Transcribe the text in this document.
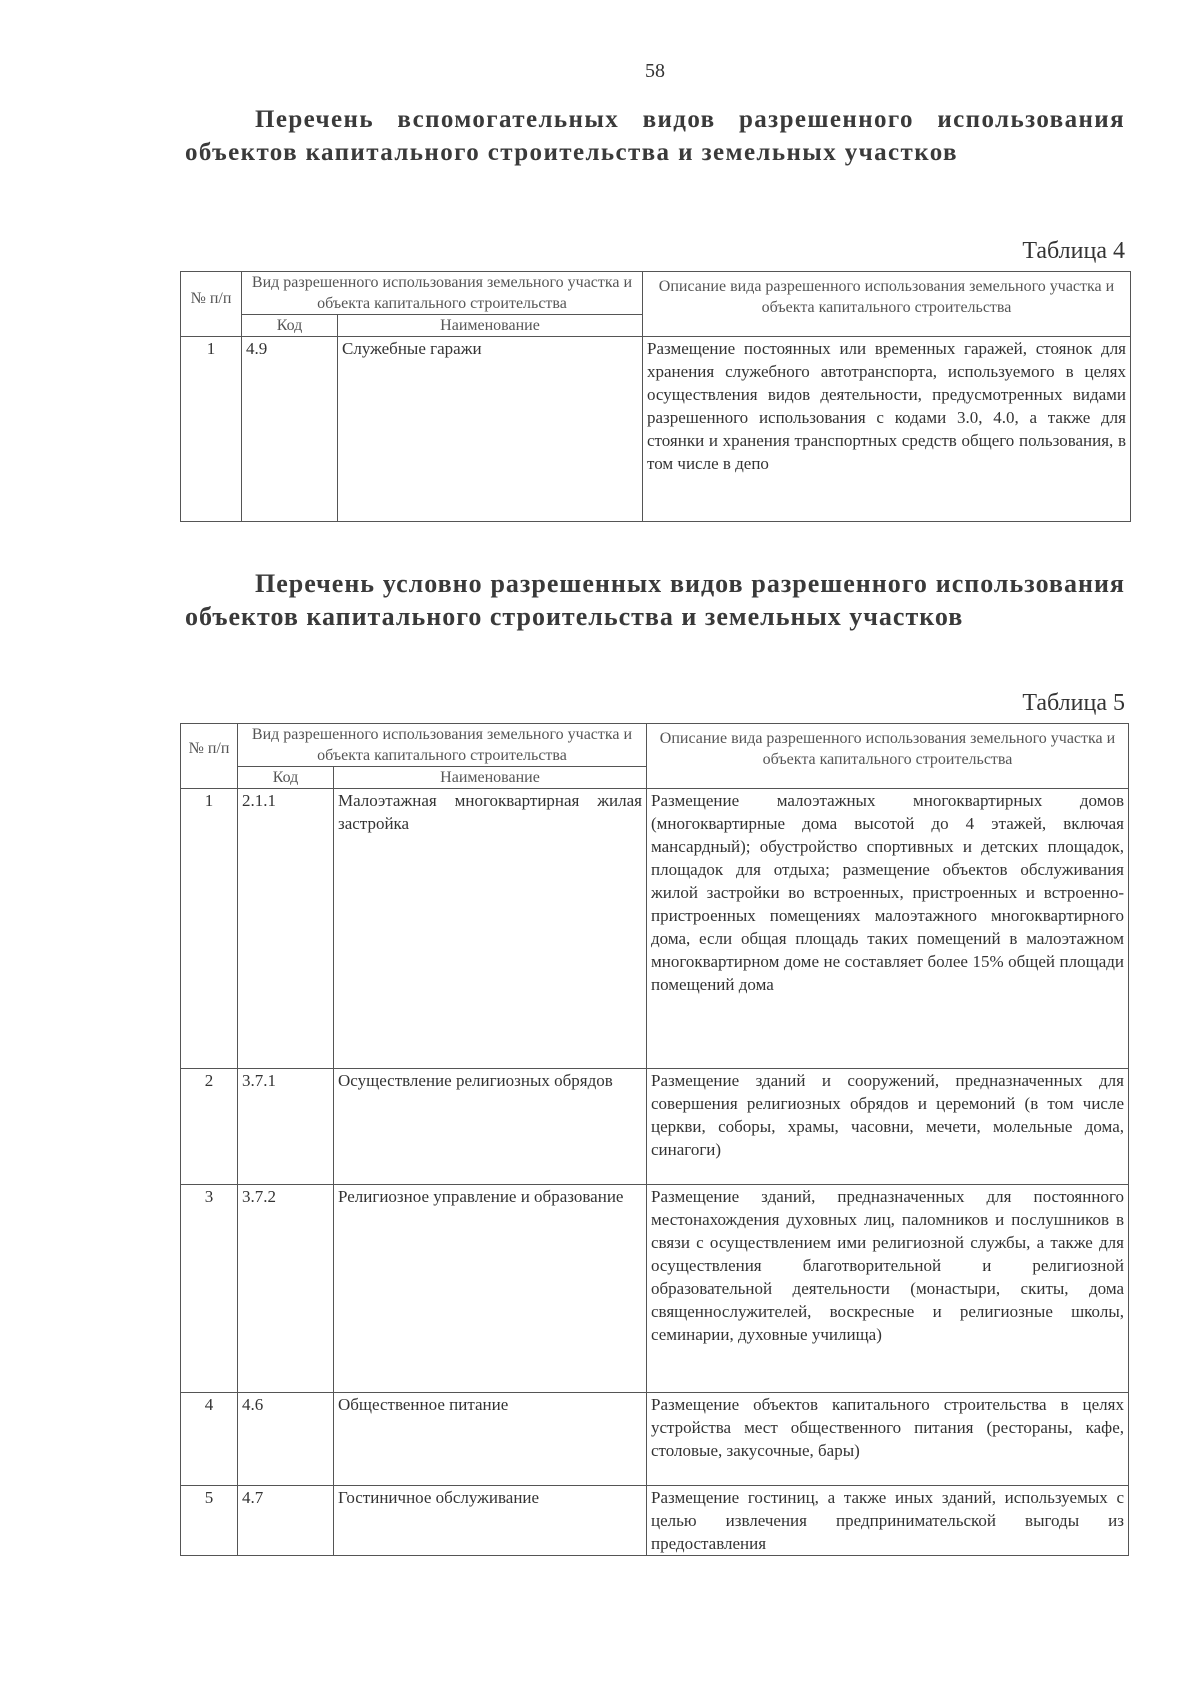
58
Перечень вспомогательных видов разрешенного использования объектов капитального строительства и земельных участков
Таблица 4
№ п/п	Вид разрешенного использования земельного участка и объекта капитального строительства		Описание вида разрешенного использования земельного участка и объекта капитального строительства
	Код	Наименование	
1	4.9	Служебные гаражи	Размещение постоянных или временных гаражей, стоянок для хранения служебного автотранспорта, используемого в целях осуществления видов деятельности, предусмотренных видами разрешенного использования с кодами 3.0, 4.0, а также для стоянки и хранения транспортных средств общего пользования, в том числе в депо
Перечень условно разрешенных видов разрешенного использования объектов капитального строительства и земельных участков
Таблица 5
№ п/п	Вид разрешенного использования земельного участка и объекта капитального строительства		Описание вида разрешенного использования земельного участка и объекта капитального строительства
	Код	Наименование	
1	2.1.1	Малоэтажная многоквартирная жилая застройка	Размещение малоэтажных многоквартирных домов (многоквартирные дома высотой до 4 этажей, включая мансардный); обустройство спортивных и детских площадок, площадок для отдыха; размещение объектов обслуживания жилой застройки во встроенных, пристроенных и встроенно-пристроенных помещениях малоэтажного многоквартирного дома, если общая площадь таких помещений в малоэтажном многоквартирном доме не составляет более 15% общей площади помещений дома
2	3.7.1	Осуществление религиозных обрядов	Размещение зданий и сооружений, предназначенных для совершения религиозных обрядов и церемоний (в том числе церкви, соборы, храмы, часовни, мечети, молельные дома, синагоги)
3	3.7.2	Религиозное управление и образование	Размещение зданий, предназначенных для постоянного местонахождения духовных лиц, паломников и послушников в связи с осуществлением ими религиозной службы, а также для осуществления благотворительной и религиозной образовательной деятельности (монастыри, скиты, дома священнослужителей, воскресные и религиозные школы, семинарии, духовные училища)
4	4.6	Общественное питание	Размещение объектов капитального строительства в целях устройства мест общественного питания (рестораны, кафе, столовые, закусочные, бары)
5	4.7	Гостиничное обслуживание	Размещение гостиниц, а также иных зданий, используемых с целью извлечения предпринимательской выгоды из предоставления
